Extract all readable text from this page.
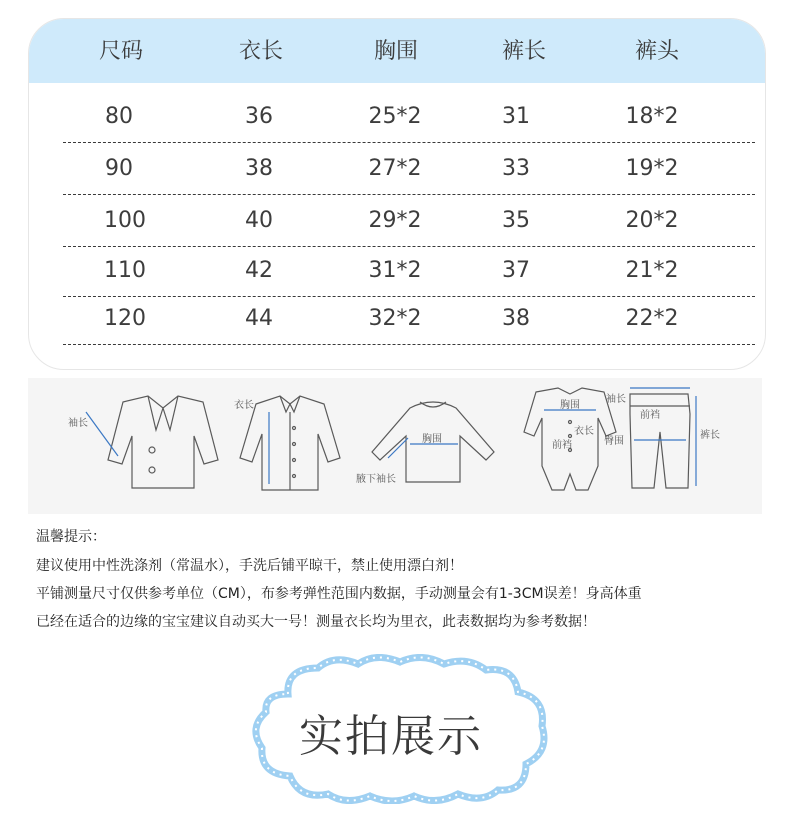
尺码	衣长	胸围	裤长	裤头
80	36	25*2	31	18*2
90	38	27*2	33	19*2
100	40	29*2	35	20*2
110	42	31*2	37	21*2
120	44	32*2	38	22*2
袖长
衣长
胸围
腋下袖长
胸围
衣长
袖长
前裆
前裆
臀围
裤长
温馨提示：
建议使用中性洗涤剂（常温水），手洗后铺平晾干，禁止使用漂白剂！
平铺测量尺寸仅供参考单位（CM），布参考弹性范围内数据，手动测量会有1-3CM误差！身高体重
已经在适合的边缘的宝宝建议自动买大一号！测量衣长均为里衣，此表数据均为参考数据！
实拍展示
